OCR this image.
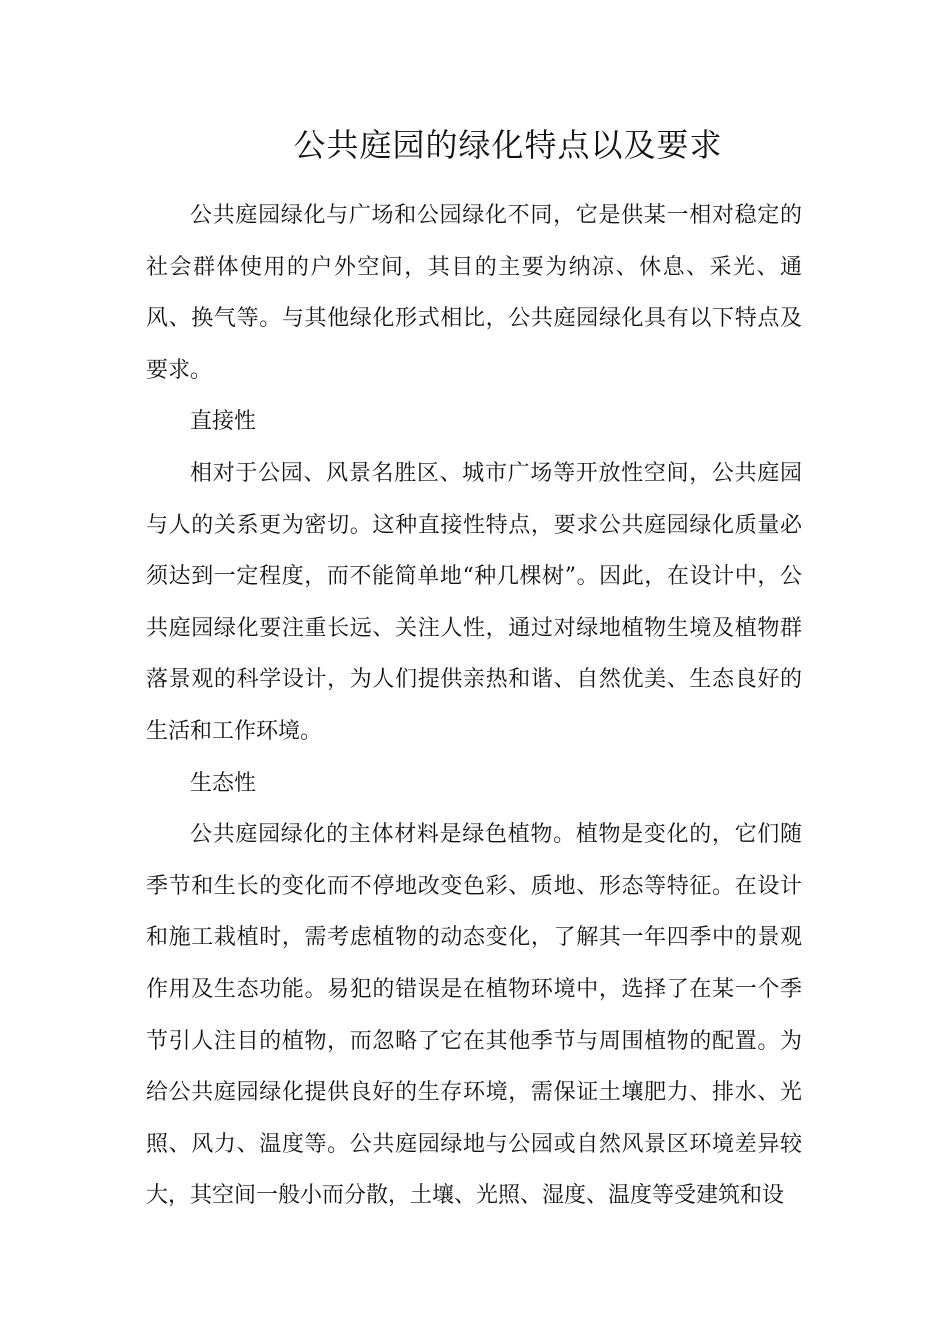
公共庭园的绿化特点以及要求

公共庭园绿化与广场和公园绿化不同，它是供某一相对稳定的社会群体使用的户外空间，其目的主要为纳凉、休息、采光、通风、换气等。与其他绿化形式相比，公共庭园绿化具有以下特点及要求。

直接性

相对于公园、风景名胜区、城市广场等开放性空间，公共庭园与人的关系更为密切。这种直接性特点，要求公共庭园绿化质量必须达到一定程度，而不能简单地“种几棵树”。因此，在设计中，公共庭园绿化要注重长远、关注人性，通过对绿地植物生境及植物群落景观的科学设计，为人们提供亲热和谐、自然优美、生态良好的生活和工作环境。

生态性

公共庭园绿化的主体材料是绿色植物。植物是变化的，它们随季节和生长的变化而不停地改变色彩、质地、形态等特征。在设计和施工栽植时，需考虑植物的动态变化，了解其一年四季中的景观作用及生态功能。易犯的错误是在植物环境中，选择了在某一个季节引人注目的植物，而忽略了它在其他季节与周围植物的配置。为给公共庭园绿化提供良好的生存环境，需保证土壤肥力、排水、光照、风力、温度等。公共庭园绿地与公园或自然风景区环境差异较大，其空间一般小而分散，土壤、光照、湿度、温度等受建筑和设
